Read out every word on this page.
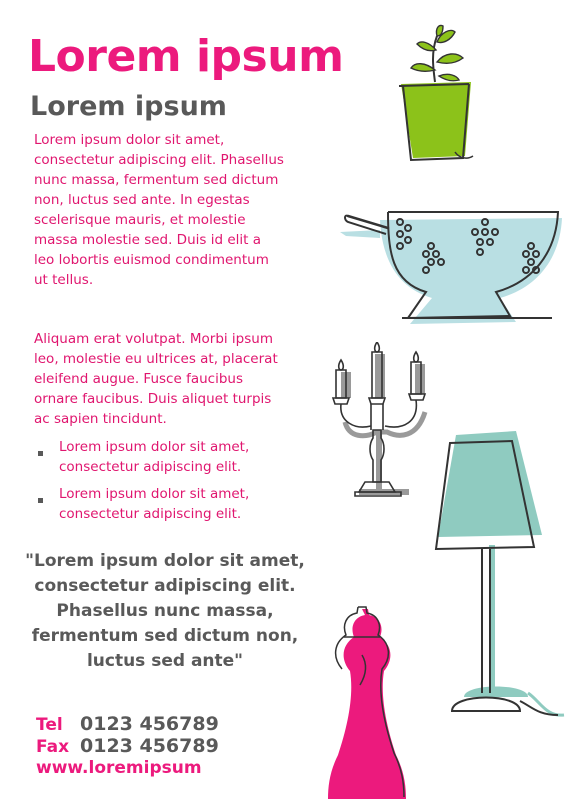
Lorem ipsum
Lorem ipsum

Lorem ipsum dolor sit amet, consectetur adipiscing elit. Phasellus nunc massa, fermentum sed dictum non, luctus sed ante. In egestas scelerisque mauris, et molestie massa molestie sed. Duis id elit a leo lobortis euismod condimentum ut tellus.

Aliquam erat volutpat. Morbi ipsum leo, molestie eu ultrices at, placerat eleifend augue. Fusce faucibus ornare faucibus. Duis aliquet turpis ac sapien tincidunt.

Lorem ipsum dolor sit amet, consectetur adipiscing elit.
Lorem ipsum dolor sit amet, consectetur adipiscing elit.

"Lorem ipsum dolor sit amet, consectetur adipiscing elit. Phasellus nunc massa, fermentum sed dictum non, luctus sed ante"

Tel 0123 456789
Fax 0123 456789
www.loremipsum
